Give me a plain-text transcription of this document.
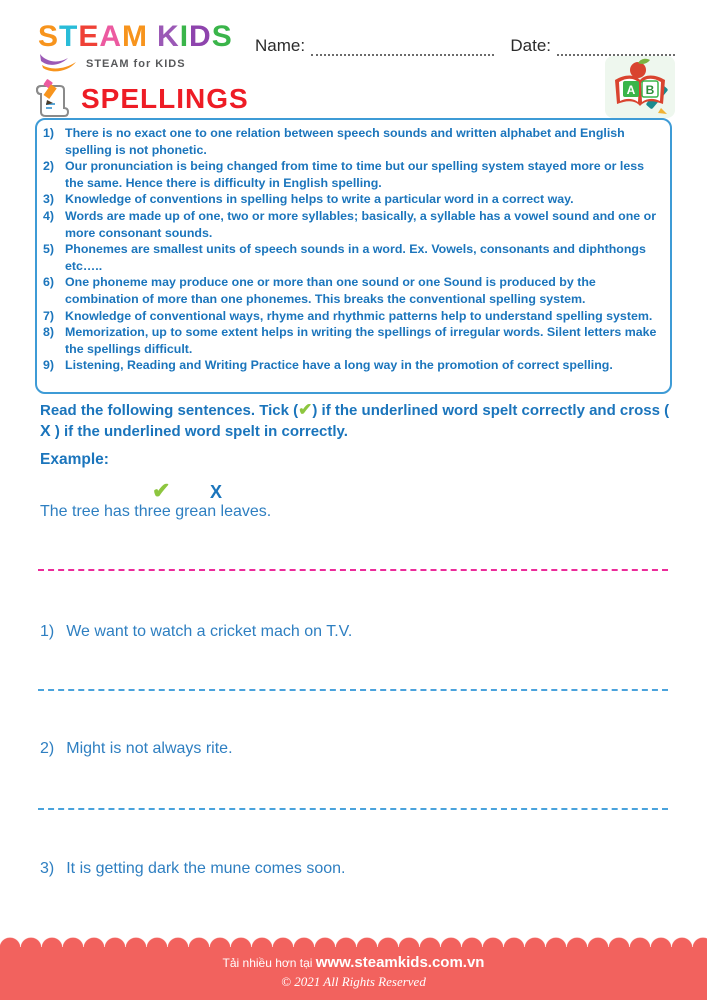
STEAM KIDS
STEAM for KIDS
Name:	Date:
A B
SPELLINGS
1) There is no exact one to one relation between speech sounds and written alphabet and English spelling is not phonetic.
2) Our pronunciation is being changed from time to time but our spelling system stayed more or less the same. Hence there is difficulty in English spelling.
3) Knowledge of conventions in spelling helps to write a particular word in a correct way.
4) Words are made up of one, two or more syllables; basically, a syllable has a vowel sound and one or more consonant sounds.
5) Phonemes are smallest units of speech sounds in a word. Ex. Vowels, consonants and diphthongs etc…..
6) One phoneme may produce one or more than one sound or one Sound is produced by the combination of more than one phonemes. This breaks the conventional spelling system.
7) Knowledge of conventional ways, rhyme and rhythmic patterns help to understand spelling system.
8) Memorization, up to some extent helps in writing the spellings of irregular words. Silent letters make the spellings difficult.
9) Listening, Reading and Writing Practice have a long way in the promotion of correct spelling.
Read the following sentences. Tick (✔) if the underlined word spelt correctly and cross ( X ) if the underlined word spelt in correctly.
Example:
✔ X
The tree has three grean leaves.
1) We want to watch a cricket mach on T.V.
2) Might is not always rite.
3) It is getting dark the mune comes soon.
Tải nhiều hơn tại www.steamkids.com.vn
© 2021 All Rights Reserved
